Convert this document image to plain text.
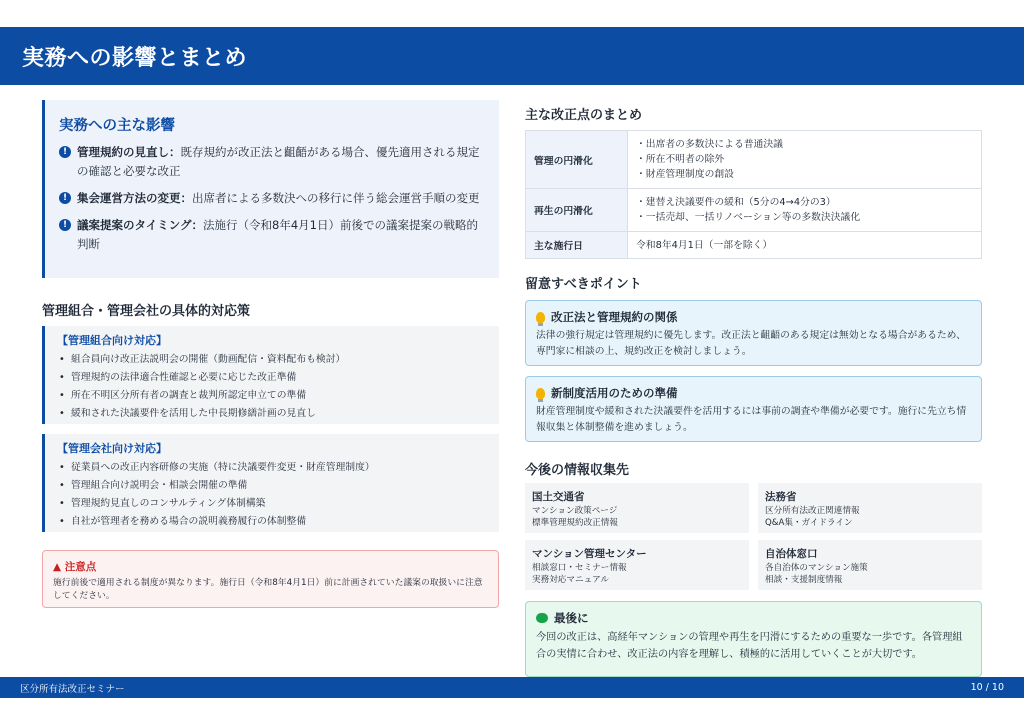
実務への影響とまとめ
実務への主な影響
! 管理規約の見直し：既存規約が改正法と齟齬がある場合、優先適用される規定の確認と必要な改正
! 集会運営方法の変更：出席者による多数決への移行に伴う総会運営手順の変更
! 議案提案のタイミング：法施行（令和8年4月1日）前後での議案提案の戦略的判断
管理組合・管理会社の具体的対応策
【管理組合向け対応】
• 組合員向け改正法説明会の開催（動画配信・資料配布も検討）
• 管理規約の法律適合性確認と必要に応じた改正準備
• 所在不明区分所有者の調査と裁判所認定申立ての準備
• 緩和された決議要件を活用した中長期修繕計画の見直し
【管理会社向け対応】
• 従業員への改正内容研修の実施（特に決議要件変更・財産管理制度）
• 管理組合向け説明会・相談会開催の準備
• 管理規約見直しのコンサルティング体制構築
• 自社が管理者を務める場合の説明義務履行の体制整備
▲ 注意点
施行前後で適用される制度が異なります。施行日（令和8年4月1日）前に計画されていた議案の取扱いに注意してください。
主な改正点のまとめ
管理の円滑化	・出席者の多数決による普通決議
・所在不明者の除外
・財産管理制度の創設

再生の円滑化	・建替え決議要件の緩和（5分の4→4分の3）
・一括売却、一括リノベーション等の多数決決議化

主な施行日	令和8年4月1日（一部を除く）
留意すべきポイント
改正法と管理規約の関係
法律の強行規定は管理規約に優先します。改正法と齟齬のある規定は無効となる場合があるため、専門家に相談の上、規約改正を検討しましょう。
新制度活用のための準備
財産管理制度や緩和された決議要件を活用するには事前の調査や準備が必要です。施行に先立ち情報収集と体制整備を進めましょう。
今後の情報収集先
国土交通省
マンション政策ページ
標準管理規約改正情報
法務省
区分所有法改正関連情報
Q&A集・ガイドライン
マンション管理センター
相談窓口・セミナー情報
実務対応マニュアル
自治体窓口
各自治体のマンション施策
相談・支援制度情報
最後に
今回の改正は、高経年マンションの管理や再生を円滑にするための重要な一歩です。各管理組合の実情に合わせ、改正法の内容を理解し、積極的に活用していくことが大切です。
区分所有法改正セミナー	10 / 10
